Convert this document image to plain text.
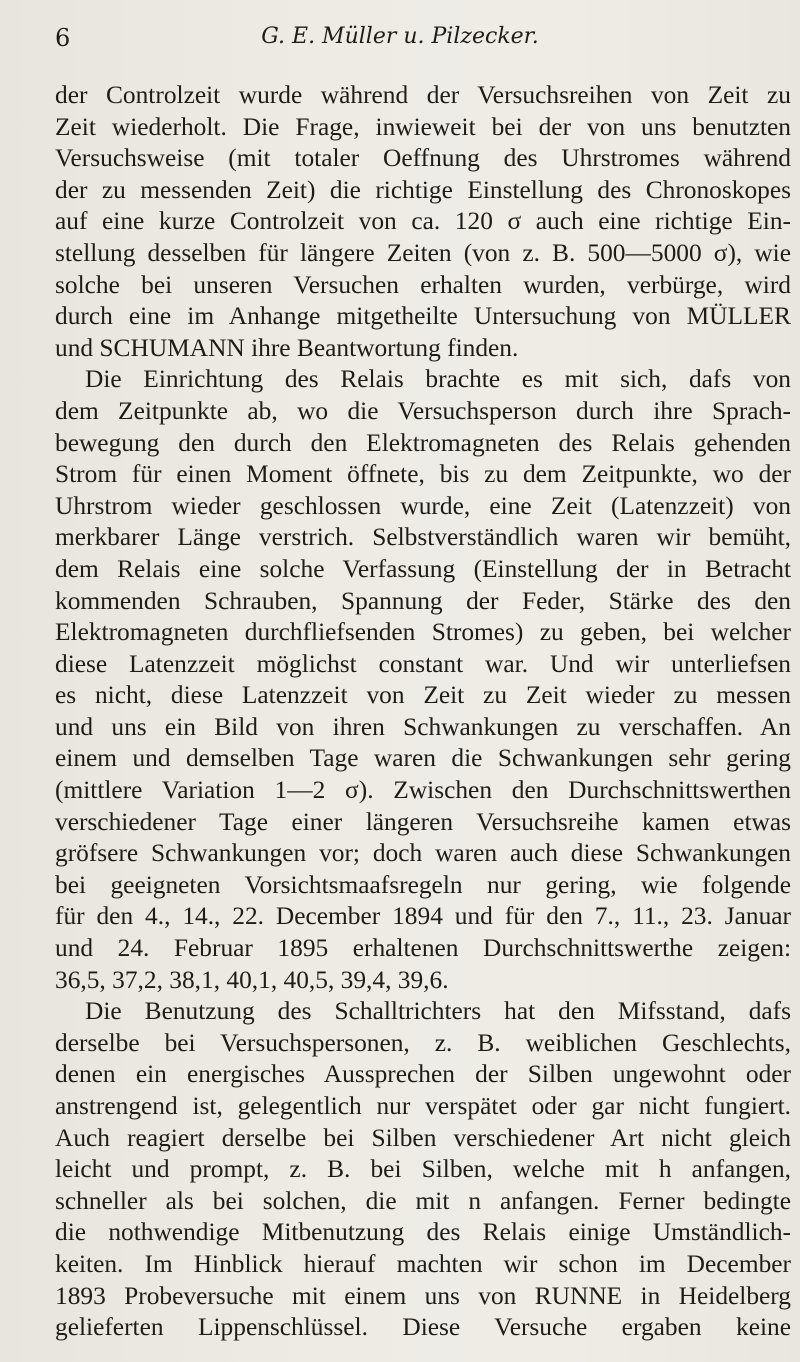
6	G. E. Müller u. Pilzecker.

der Controlzeit wurde während der Versuchsreihen von Zeit zu
Zeit wiederholt. Die Frage, inwieweit bei der von uns benutzten
Versuchsweise (mit totaler Oeffnung des Uhrstromes während
der zu messenden Zeit) die richtige Einstellung des Chronoskopes
auf eine kurze Controlzeit von ca. 120 σ auch eine richtige Ein-
stellung desselben für längere Zeiten (von z. B. 500—5000 σ), wie
solche bei unseren Versuchen erhalten wurden, verbürge, wird
durch eine im Anhange mitgetheilte Untersuchung von MÜLLER
und SCHUMANN ihre Beantwortung finden.

Die Einrichtung des Relais brachte es mit sich, dafs von
dem Zeitpunkte ab, wo die Versuchsperson durch ihre Sprach-
bewegung den durch den Elektromagneten des Relais gehenden
Strom für einen Moment öffnete, bis zu dem Zeitpunkte, wo der
Uhrstrom wieder geschlossen wurde, eine Zeit (Latenzzeit) von
merkbarer Länge verstrich. Selbstverständlich waren wir bemüht,
dem Relais eine solche Verfassung (Einstellung der in Betracht
kommenden Schrauben, Spannung der Feder, Stärke des den
Elektromagneten durchfliefsenden Stromes) zu geben, bei welcher
diese Latenzzeit möglichst constant war. Und wir unterliefsen
es nicht, diese Latenzzeit von Zeit zu Zeit wieder zu messen
und uns ein Bild von ihren Schwankungen zu verschaffen. An
einem und demselben Tage waren die Schwankungen sehr gering
(mittlere Variation 1—2 σ). Zwischen den Durchschnittswerthen
verschiedener Tage einer längeren Versuchsreihe kamen etwas
gröfsere Schwankungen vor; doch waren auch diese Schwankungen
bei geeigneten Vorsichtsmaafsregeln nur gering, wie folgende
für den 4., 14., 22. December 1894 und für den 7., 11., 23. Januar
und 24. Februar 1895 erhaltenen Durchschnittswerthe zeigen:
36,5, 37,2, 38,1, 40,1, 40,5, 39,4, 39,6.

Die Benutzung des Schalltrichters hat den Mifsstand, dafs
derselbe bei Versuchspersonen, z. B. weiblichen Geschlechts,
denen ein energisches Aussprechen der Silben ungewohnt oder
anstrengend ist, gelegentlich nur verspätet oder gar nicht fungiert.
Auch reagiert derselbe bei Silben verschiedener Art nicht gleich
leicht und prompt, z. B. bei Silben, welche mit h anfangen,
schneller als bei solchen, die mit n anfangen. Ferner bedingte
die nothwendige Mitbenutzung des Relais einige Umständlich-
keiten. Im Hinblick hierauf machten wir schon im December
1893 Probeversuche mit einem uns von RUNNE in Heidelberg
gelieferten Lippenschlüssel. Diese Versuche ergaben keine
